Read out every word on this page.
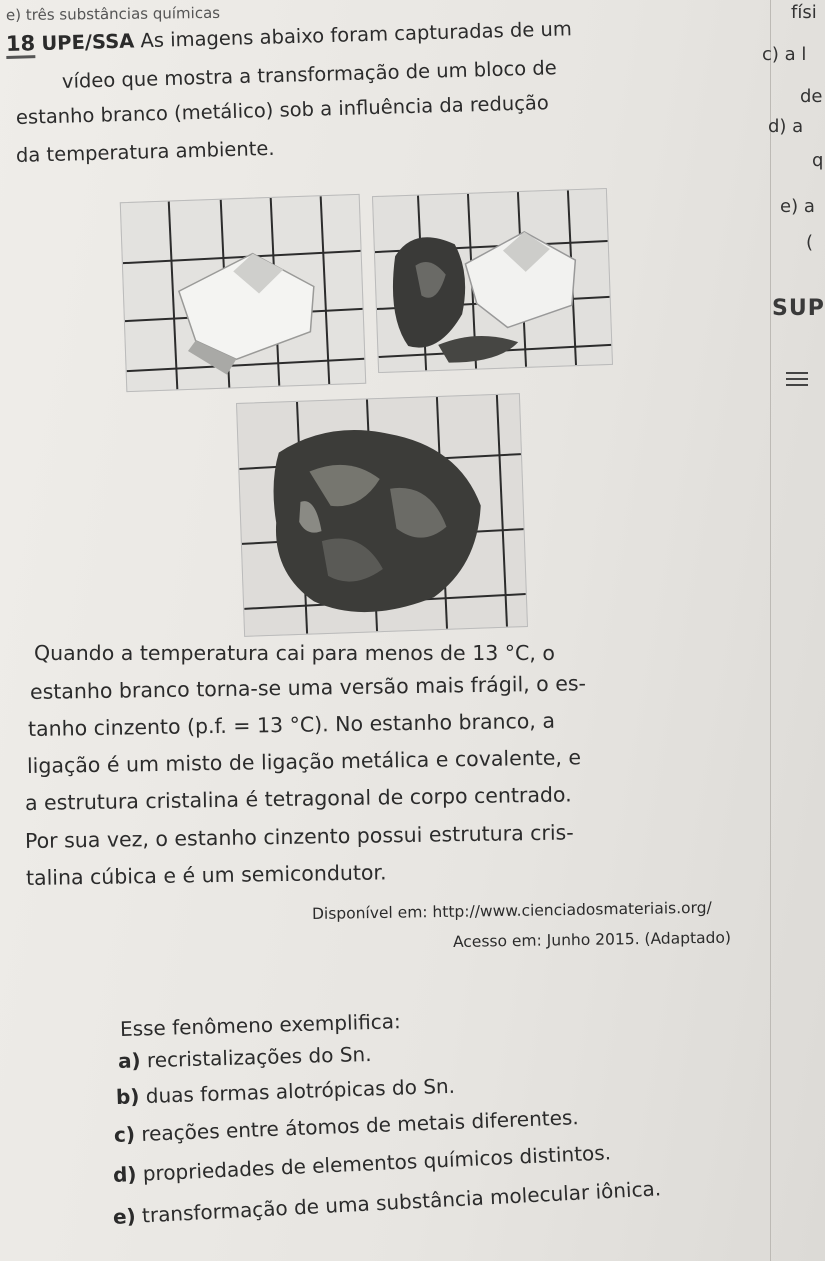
e) três substâncias químicas
18 UPE/SSA As imagens abaixo foram capturadas de um
vídeo que mostra a transformação de um bloco de
estanho branco (metálico) sob a influência da redução
da temperatura ambiente.
Quando a temperatura cai para menos de 13 °C, o
estanho branco torna-se uma versão mais frágil, o es-
tanho cinzento (p.f. = 13 °C). No estanho branco, a
ligação é um misto de ligação metálica e covalente, e
a estrutura cristalina é tetragonal de corpo centrado.
Por sua vez, o estanho cinzento possui estrutura cris-
talina cúbica e é um semicondutor.
Disponível em: http://www.cienciadosmateriais.org/
Acesso em: Junho 2015. (Adaptado)
Esse fenômeno exemplifica:
a) recristalizações do Sn.
b) duas formas alotrópicas do Sn.
c) reações entre átomos de metais diferentes.
d) propriedades de elementos químicos distintos.
e) transformação de uma substância molecular iônica.
físi
c) a l
de
d) a
q
e) a
(
SUP
